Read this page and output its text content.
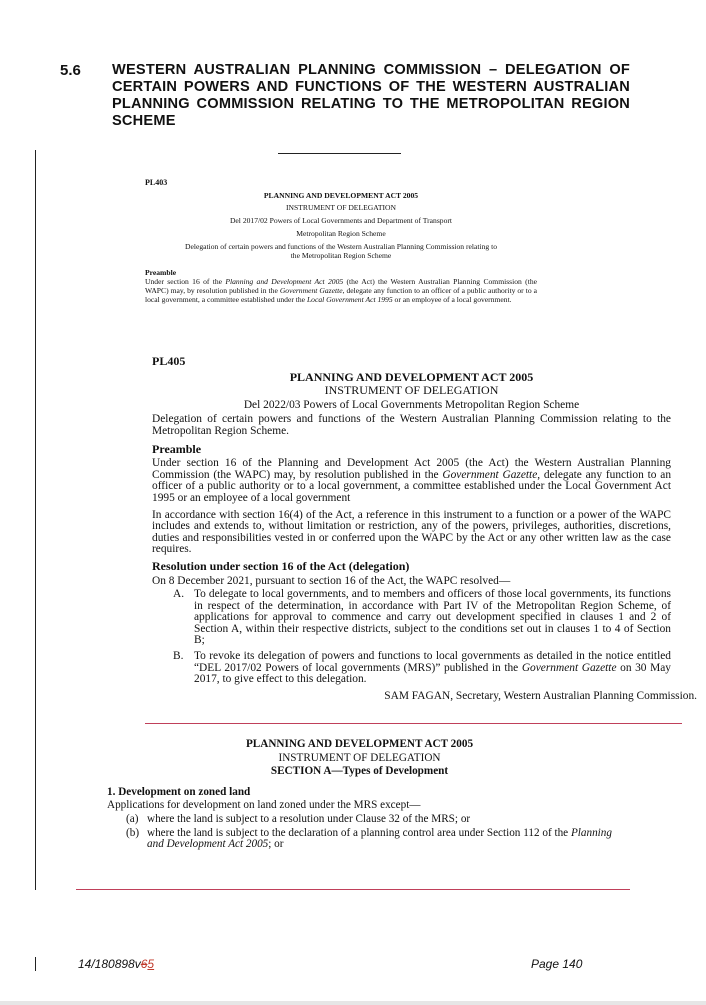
5.6 WESTERN AUSTRALIAN PLANNING COMMISSION – DELEGATION OF CERTAIN POWERS AND FUNCTIONS OF THE WESTERN AUSTRALIAN PLANNING COMMISSION RELATING TO THE METROPOLITAN REGION SCHEME

PL403

PLANNING AND DEVELOPMENT ACT 2005

INSTRUMENT OF DELEGATION

Del 2017/02 Powers of Local Governments and Department of Transport

Metropolitan Region Scheme

Delegation of certain powers and functions of the Western Australian Planning Commission relating to the Metropolitan Region Scheme

Preamble

Under section 16 of the Planning and Development Act 2005 (the Act) the Western Australian Planning Commission (the WAPC) may, by resolution published in the Government Gazette, delegate any function to an officer of a public authority or to a local government, a committee established under the Local Government Act 1995 or an employee of a local government.

PL405

PLANNING AND DEVELOPMENT ACT 2005

INSTRUMENT OF DELEGATION

Del 2022/03 Powers of Local Governments Metropolitan Region Scheme

Delegation of certain powers and functions of the Western Australian Planning Commission relating to the Metropolitan Region Scheme.

Preamble

Under section 16 of the Planning and Development Act 2005 (the Act) the Western Australian Planning Commission (the WAPC) may, by resolution published in the Government Gazette, delegate any function to an officer of a public authority or to a local government, a committee established under the Local Government Act 1995 or an employee of a local government

In accordance with section 16(4) of the Act, a reference in this instrument to a function or a power of the WAPC includes and extends to, without limitation or restriction, any of the powers, privileges, authorities, discretions, duties and responsibilities vested in or conferred upon the WAPC by the Act or any other written law as the case requires.

Resolution under section 16 of the Act (delegation)

On 8 December 2021, pursuant to section 16 of the Act, the WAPC resolved—

A. To delegate to local governments, and to members and officers of those local governments, its functions in respect of the determination, in accordance with Part IV of the Metropolitan Region Scheme, of applications for approval to commence and carry out development specified in clauses 1 and 2 of Section A, within their respective districts, subject to the conditions set out in clauses 1 to 4 of Section B;
B. To revoke its delegation of powers and functions to local governments as detailed in the notice entitled “DEL 2017/02 Powers of local governments (MRS)” published in the Government Gazette on 30 May 2017, to give effect to this delegation.

SAM FAGAN, Secretary, Western Australian Planning Commission.

PLANNING AND DEVELOPMENT ACT 2005

INSTRUMENT OF DELEGATION

SECTION A—Types of Development

1. Development on zoned land

Applications for development on land zoned under the MRS except—

(a) where the land is subject to a resolution under Clause 32 of the MRS; or

(b) where the land is subject to the declaration of a planning control area under Section 112 of the Planning and Development Act 2005; or

14/180898v65	Page 140
